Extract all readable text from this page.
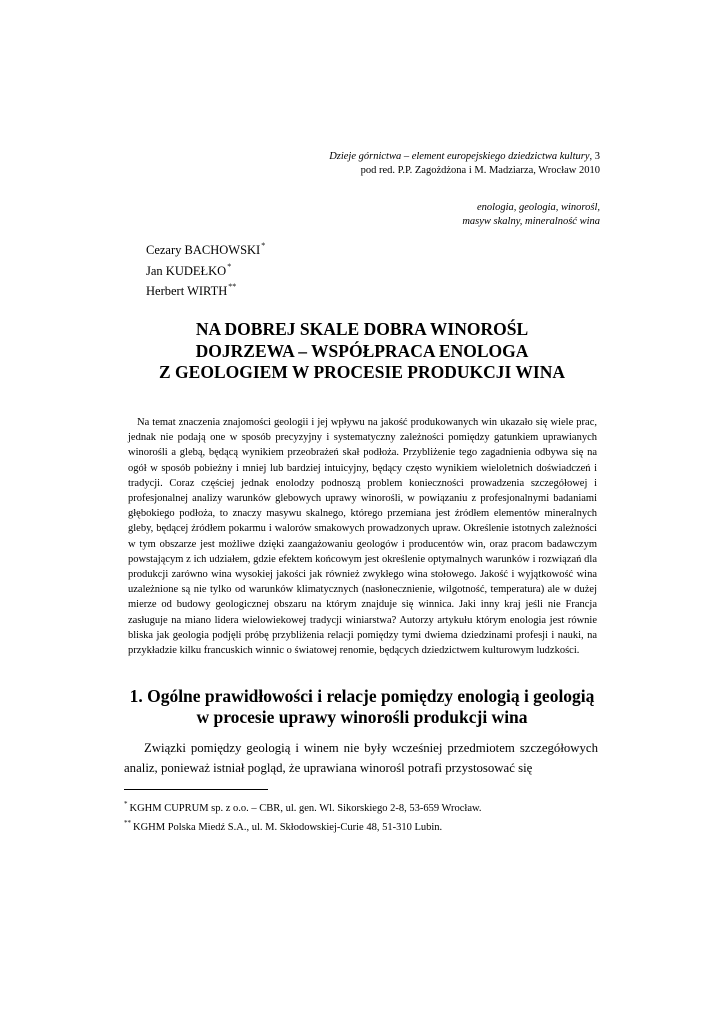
Dzieje górnictwa – element europejskiego dziedzictwa kultury, 3
pod red. P.P. Zagożdżona i M. Madziarza, Wrocław 2010
enologia, geologia, winorośl,
masyw skalny, mineralność wina
Cezary BACHOWSKI*
Jan KUDEŁKO*
Herbert WIRTH**
NA DOBREJ SKALE DOBRA WINOROŚL
DOJRZEWA – WSPÓŁPRACA ENOLOGA
Z GEOLOGIEM W PROCESIE PRODUKCJI WINA
Na temat znaczenia znajomości geologii i jej wpływu na jakość produkowanych win ukazało się wiele prac, jednak nie podają one w sposób precyzyjny i systematyczny zależności pomiędzy gatunkiem uprawianych winorośli a glebą, będącą wynikiem przeobrażeń skał podłoża. Przybliżenie tego zagadnienia odbywa się na ogół w sposób pobieżny i mniej lub bardziej intuicyjny, będący często wynikiem wieloletnich doświadczeń i tradycji. Coraz częściej jednak enolodzy podnoszą problem konieczności prowadzenia szczegółowej i profesjonalnej analizy warunków glebowych uprawy winorośli, w powiązaniu z profesjonalnymi badaniami głębokiego podłoża, to znaczy masywu skalnego, którego przemiana jest źródłem elementów mineralnych gleby, będącej źródłem pokarmu i walorów smakowych prowadzonych upraw. Określenie istotnych zależności w tym obszarze jest możliwe dzięki zaangażowaniu geologów i producentów win, oraz pracom badawczym powstającym z ich udziałem, gdzie efektem końcowym jest określenie optymalnych warunków i rozwiązań dla produkcji zarówno wina wysokiej jakości jak również zwykłego wina stołowego. Jakość i wyjątkowość wina uzależnione są nie tylko od warunków klimatycznych (nasłonecznienie, wilgotność, temperatura) ale w dużej mierze od budowy geologicznej obszaru na którym znajduje się winnica. Jaki inny kraj jeśli nie Francja zasługuje na miano lidera wielowiekowej tradycji winiarstwa? Autorzy artykułu którym enologia jest równie bliska jak geologia podjęli próbę przybliżenia relacji pomiędzy tymi dwiema dziedzinami profesji i nauki, na przykładzie kilku francuskich winnic o światowej renomie, będących dziedzictwem kulturowym ludzkości.
1. Ogólne prawidłowości i relacje pomiędzy enologią i geologią
w procesie uprawy winorośli produkcji wina
Związki pomiędzy geologią i winem nie były wcześniej przedmiotem szczegółowych analiz, ponieważ istniał pogląd, że uprawiana winorośl potrafi przystosować się
* KGHM CUPRUM sp. z o.o. – CBR, ul. gen. Wl. Sikorskiego 2-8, 53-659 Wrocław.
** KGHM Polska Miedź S.A., ul. M. Skłodowskiej-Curie 48, 51-310 Lubin.
